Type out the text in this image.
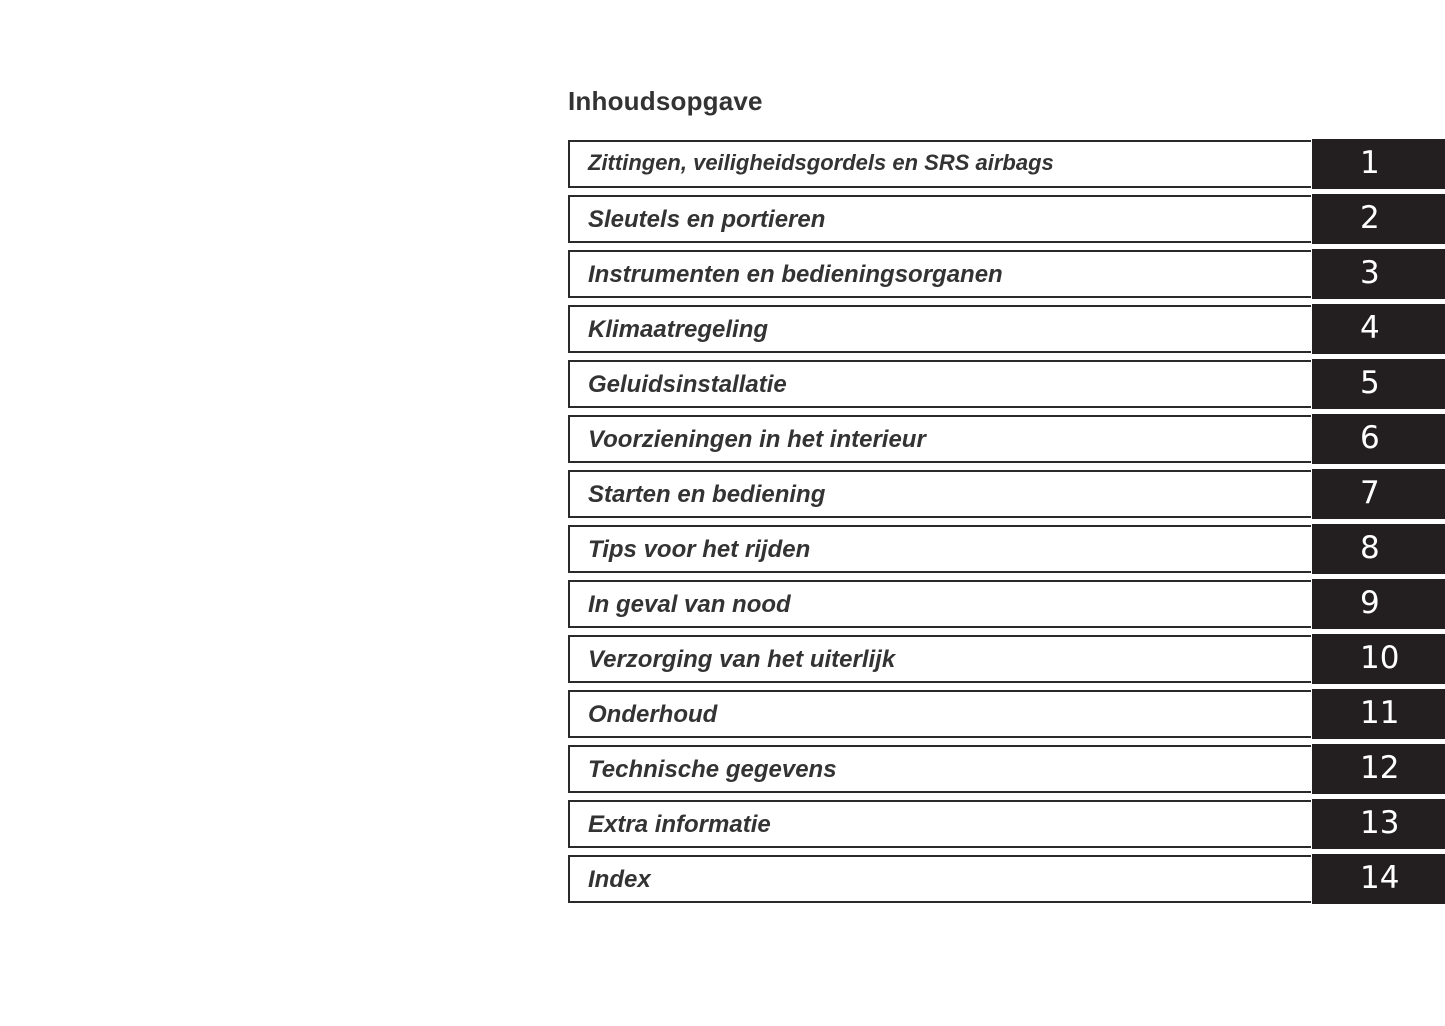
Inhoudsopgave
Zittingen, veiligheidsgordels en SRS airbags	1
Sleutels en portieren	2
Instrumenten en bedieningsorganen	3
Klimaatregeling	4
Geluidsinstallatie	5
Voorzieningen in het interieur	6
Starten en bediening	7
Tips voor het rijden	8
In geval van nood	9
Verzorging van het uiterlijk	10
Onderhoud	11
Technische gegevens	12
Extra informatie	13
Index	14
